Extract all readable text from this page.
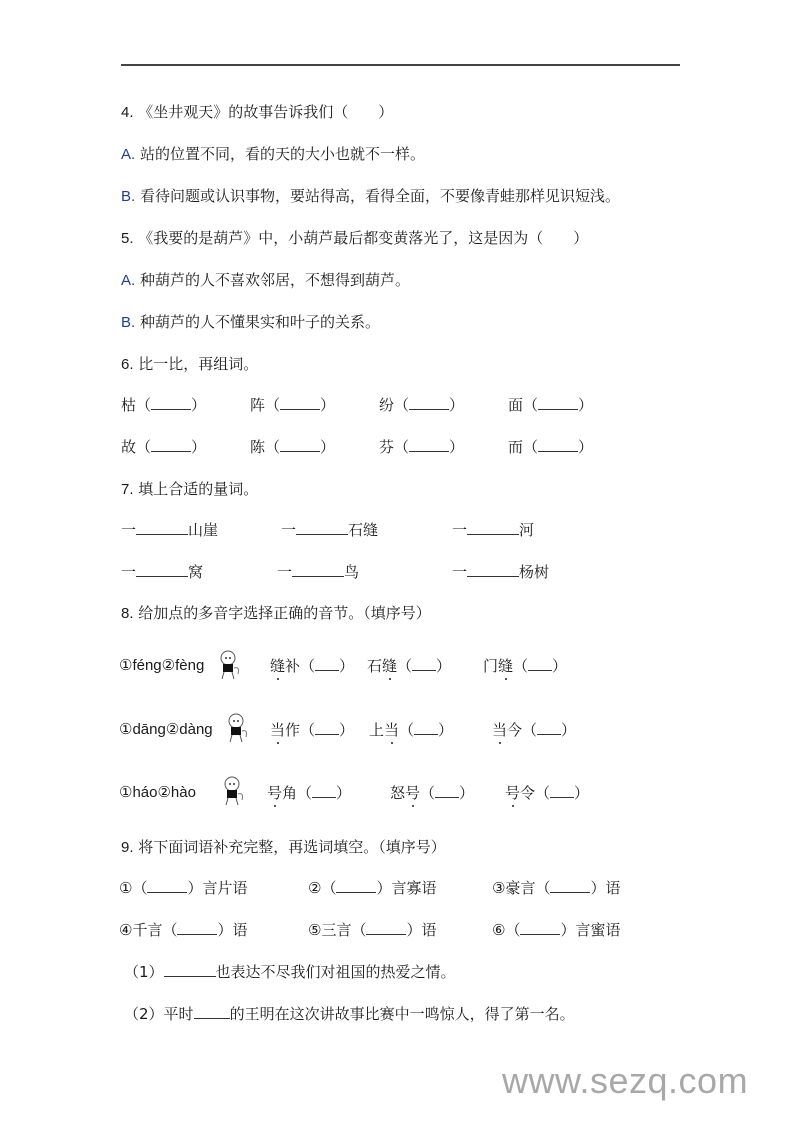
4. 《坐井观天》的故事告诉我们（　　）
A. 站的位置不同，看的天的大小也就不一样。
B. 看待问题或认识事物，要站得高，看得全面，不要像青蛙那样见识短浅。
5. 《我要的是葫芦》中，小葫芦最后都变黄落光了，这是因为（　　）
A. 种葫芦的人不喜欢邻居，不想得到葫芦。
B. 种葫芦的人不懂果实和叶子的关系。
6. 比一比，再组词。
枯（	）	阵（	）	纷（	）	面（	）
故（	）	陈（	）	芬（	）	而（	）
7. 填上合适的量词。
一	山崖	一	石缝	一	河
一	窝	一	鸟	一	杨树
8. 给加点的多音字选择正确的音节。（填序号）
①féng②fèng	缝补（ ） 石缝（ ） 门缝（ ）
①dāng②dàng	当作（ ） 上当（ ）	当今（ ）
①háo②hào	号角（ ）	怒号（ ） 号令（ ）
9. 将下面词语补充完整，再选词填空。（填序号）
①（	）言片语	②（	）言寡语	③豪言（	）语
④千言（	）语	⑤三言（	）语	⑥（	）言蜜语
（1）	也表达不尽我们对祖国的热爱之情。
（2）平时 的王明在这次讲故事比赛中一鸣惊人，得了第一名。
www.sezq.com
